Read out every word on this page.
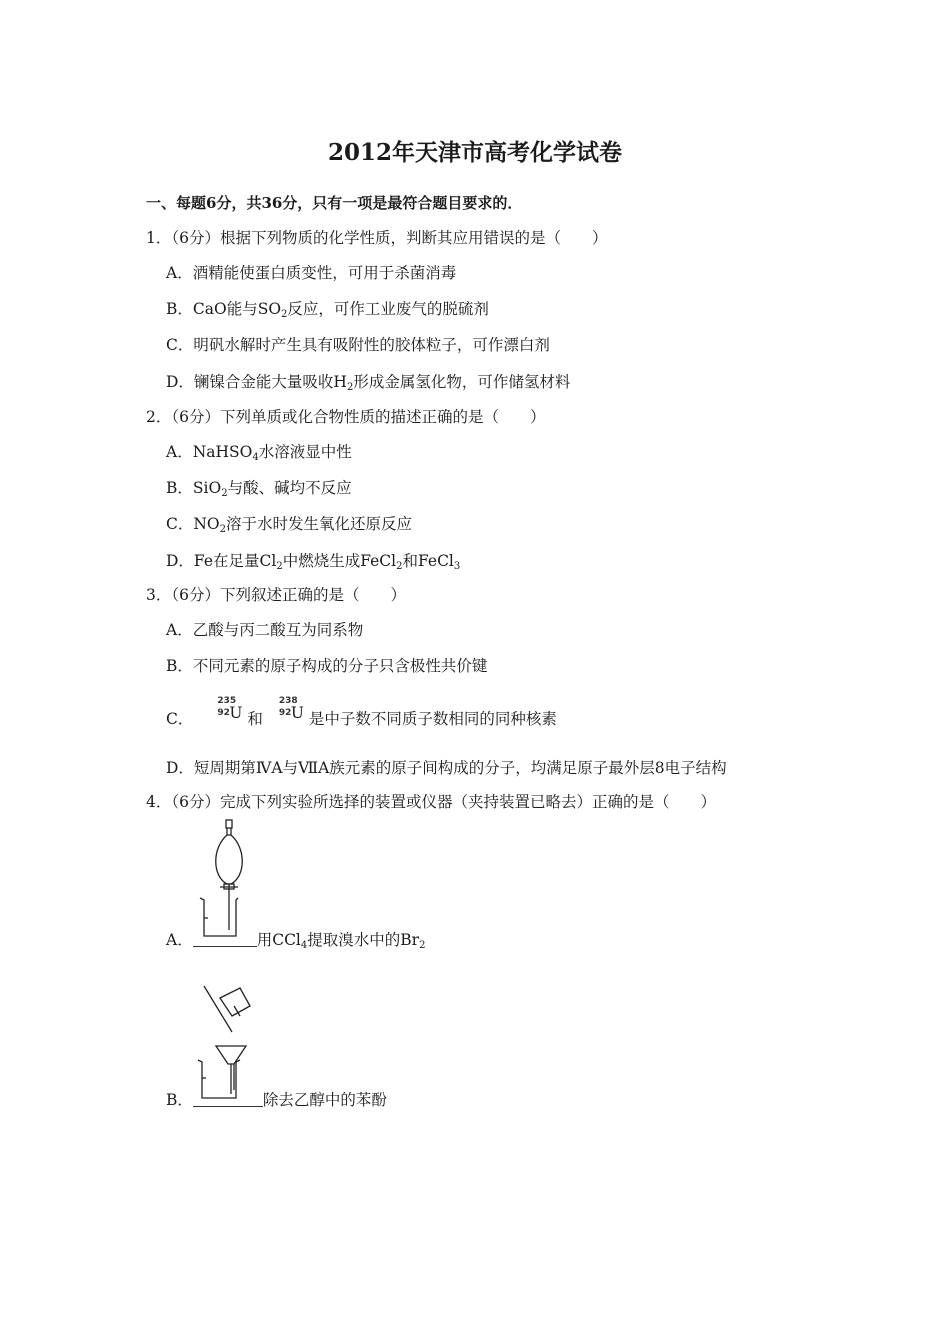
2012年天津市高考化学试卷
一、每题6分，共36分，只有一项是最符合题目要求的．
1．（6分）根据下列物质的化学性质，判断其应用错误的是（　　）
A．酒精能使蛋白质变性，可用于杀菌消毒
B．CaO能与$SO_2$反应，可作工业废气的脱硫剂
C．明矾水解时产生具有吸附性的胶体粒子，可作漂白剂
D．镧镍合金能大量吸收$H_2$形成金属氢化物，可作储氢材料
2．（6分）下列单质或化合物性质的描述正确的是（　　）
A．NaHSO$_4$水溶液显中性
B．SiO$_2$与酸、碱均不反应
C．$NO_2$溶于水时发生氧化还原反应
D．Fe在足量$Cl_2$中燃烧生成FeCl$_2$和FeCl$_3$
3．（6分）下列叙述正确的是（　　）
A．乙酸与丙二酸互为同系物
B．不同元素的原子构成的分子只含极性共价键
C．
235
92 U 和
238
92 U 是中子数不同质子数相同的同种核素
D．短周期第ⅣA与ⅦA族元素的原子间构成的分子，均满足原子最外层8电子结构
4．（6分）完成下列实验所选择的装置或仪器（夹持装置已略去）正确的是（　　）
A．	用CCl$_4$提取溴水中的$Br_2$
B．	除去乙醇中的苯酚
